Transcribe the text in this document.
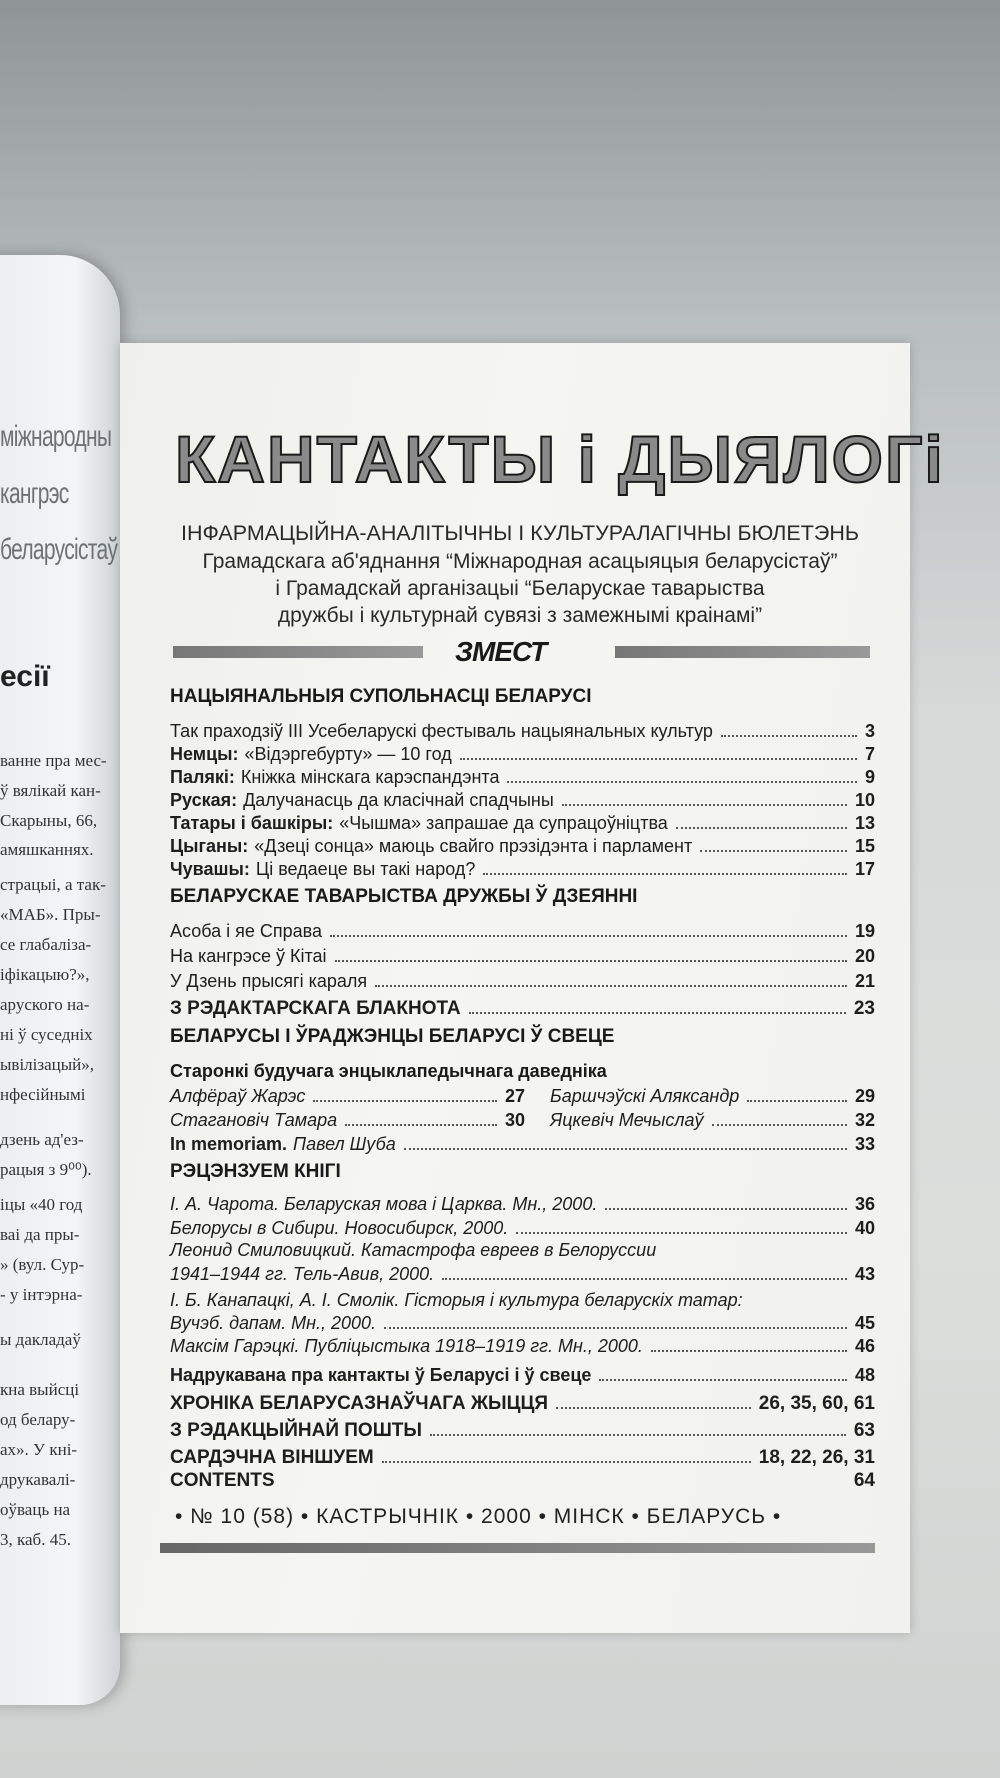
міжнародны
кангрэс
беларусістаў
есії
ванне пра мес-
ў вялікай кан-
Скарыны, 66,
амяшканнях.
страцыі, а так-
«МАБ». Пры-
се глабаліза-
іфікацыю?»,
аруского на-
ні ў суседніх
ывілізацый»,
нфесійнымі
дзень ад'ез-
рацыя з 9⁰⁰).
іцы «40 год
ваі да пры-
» (вул. Сур-
- у інтэрна-
ы дакладаў
кна выйсці
од белару-
ах». У кні-
друкавалі-
оўваць на
3, каб. 45.
КАНТАКТЫ і ДЫЯЛОГі
ІНФАРМАЦЫЙНА-АНАЛІТЫЧНЫ І КУЛЬТУРАЛАГІЧНЫ БЮЛЕТЭНЬ
Грамадскага аб'яднання “Міжнародная асацыяцыя беларусістаў”
і Грамадскай арганізацыі “Беларускае таварыства
дружбы і культурнай сувязі з замежнымі краінамі”
ЗМЕСТ
НАЦЫЯНАЛЬНЫЯ СУПОЛЬНАСЦІ БЕЛАРУСІ
Так праходзіў III Усебеларускі фестываль нацыянальных культур	3
Немцы: «Відэргебурту» — 10 год	7
Палякі: Кніжка мінскага карэспандэнта	9
Руская: Далучанасць да класічнай спадчыны	10
Татары і башкіры: «Чышма» запрашае да супрацоўніцтва	13
Цыганы: «Дзеці сонца» маюць свайго прэзідэнта і парламент	15
Чувашы: Ці ведаеце вы такі народ?	17
БЕЛАРУСКАЕ ТАВАРЫСТВА ДРУЖБЫ Ў ДЗЕЯННІ
Асоба і яе Справа	19
На кангрэсе ў Кітаі	20
У Дзень прысягі караля	21
З РЭДАКТАРСКАГА БЛАКНОТА	23
БЕЛАРУСЫ І ЎРАДЖЭНЦЫ БЕЛАРУСІ Ў СВЕЦЕ
Старонкі будучага энцыклапедычнага даведніка
Алфёраў Жарэс	27 Баршчэўскі Аляксандр	29
Стагановіч Тамара	30 Яцкевіч Мечыслаў	32
In memoriam. Павел Шуба	33
РЭЦЭНЗУЕМ КНІГІ
І. А. Чарота. Беларуская мова і Царква. Мн., 2000.	36
Белорусы в Сибири. Новосибирск, 2000.	40
Леонид Смиловицкий. Катастрофа евреев в Белоруссии
1941–1944 гг. Тель-Авив, 2000.	43
І. Б. Канапацкі, А. І. Смолік. Гісторыя і культура беларускіх татар:
Вучэб. дапам. Мн., 2000.	45
Максім Гарэцкі. Публіцыстыка 1918–1919 гг. Мн., 2000.	46
Надрукавана пра кантакты ў Беларусі і ў свеце	48
ХРОНІКА БЕЛАРУСАЗНАЎЧАГА ЖЫЦЦЯ	26, 35, 60, 61
З РЭДАКЦЫЙНАЙ ПОШТЫ	63
САРДЭЧНА ВІНШУЕМ	18, 22, 26, 31
CONTENTS	64
• № 10 (58) • КАСТРЫЧНІК • 2000 • МІНСК • БЕЛАРУСЬ •
